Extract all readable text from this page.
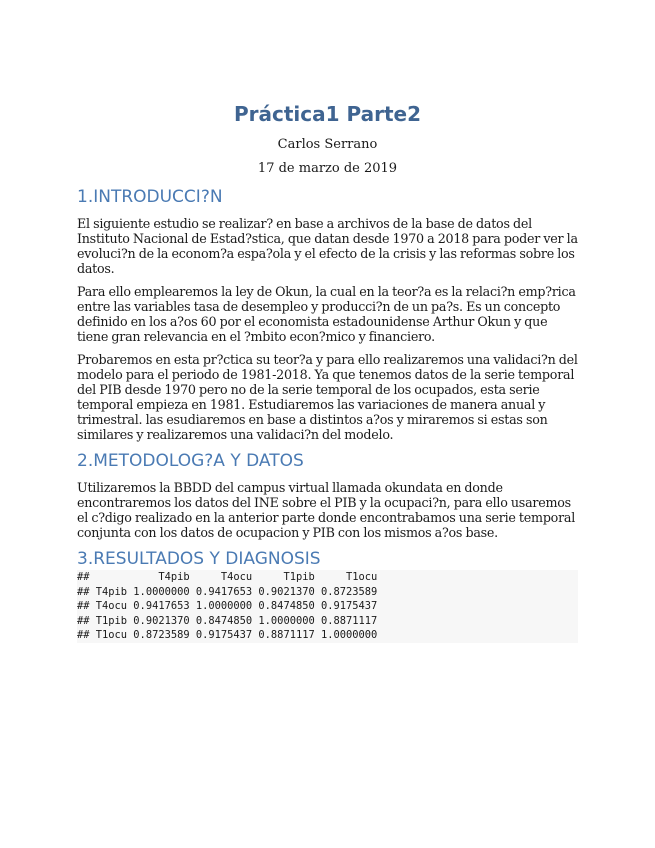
Práctica1 Parte2

Carlos Serrano

17 de marzo de 2019

1.INTRODUCCI?N

El siguiente estudio se realizar? en base a archivos de la base de datos del Instituto Nacional de Estad?stica, que datan desde 1970 a 2018 para poder ver la evoluci?n de la econom?a espa?ola y el efecto de la crisis y las reformas sobre los datos.

Para ello emplearemos la ley de Okun, la cual en la teor?a es la relaci?n emp?rica entre las variables tasa de desempleo y producci?n de un pa?s. Es un concepto definido en los a?os 60 por el economista estadounidense Arthur Okun y que tiene gran relevancia en el ?mbito econ?mico y financiero.

Probaremos en esta pr?ctica su teor?a y para ello realizaremos una validaci?n del modelo para el periodo de 1981-2018. Ya que tenemos datos de la serie temporal del PIB desde 1970 pero no de la serie temporal de los ocupados, esta serie temporal empieza en 1981. Estudiaremos las variaciones de manera anual y trimestral. las esudiaremos en base a distintos a?os y miraremos si estas son similares y realizaremos una validaci?n del modelo.

2.METODOLOG?A Y DATOS

Utilizaremos la BBDD del campus virtual llamada okundata en donde encontraremos los datos del INE sobre el PIB y la ocupaci?n, para ello usaremos el c?digo realizado en la anterior parte donde encontrabamos una serie temporal conjunta con los datos de ocupacion y PIB con los mismos a?os base.

3.RESULTADOS Y DIAGNOSIS
##           T4pib     T4ocu     T1pib     T1ocu
## T4pib 1.0000000 0.9417653 0.9021370 0.8723589
## T4ocu 0.9417653 1.0000000 0.8474850 0.9175437
## T1pib 0.9021370 0.8474850 1.0000000 0.8871117
## T1ocu 0.8723589 0.9175437 0.8871117 1.0000000
